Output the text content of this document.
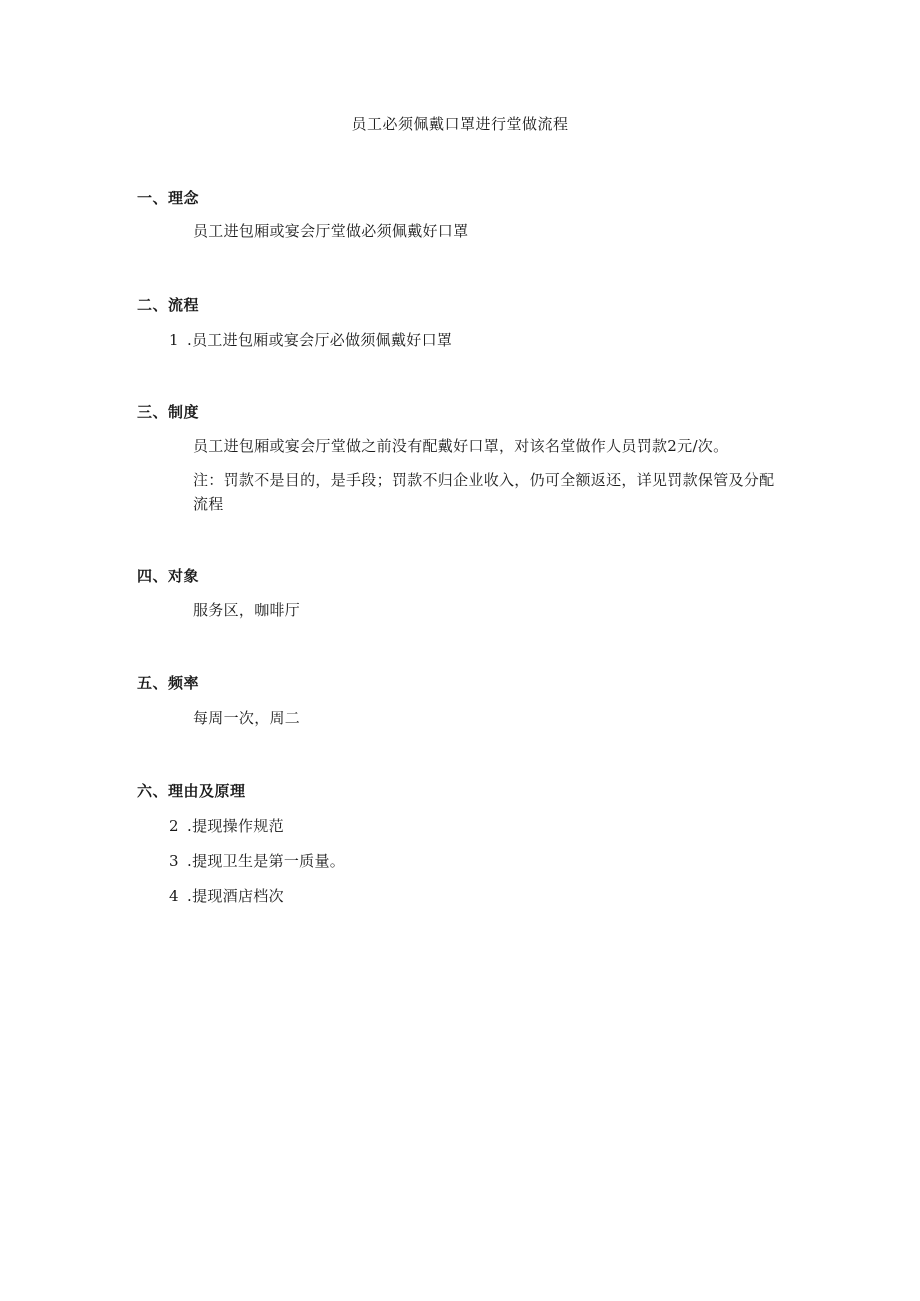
员工必须佩戴口罩进行堂做流程
一、理念
员工进包厢或宴会厅堂做必须佩戴好口罩
二、流程
1 .员工进包厢或宴会厅必做须佩戴好口罩
三、制度
员工进包厢或宴会厅堂做之前没有配戴好口罩，对该名堂做作人员罚款2元/次。
注：罚款不是目的，是手段；罚款不归企业收入，仍可全额返还，详见罚款保管及分配流程
四、对象
服务区，咖啡厅
五、频率
每周一次，周二
六、理由及原理
2 .提现操作规范
3 .提现卫生是第一质量。
4 .提现酒店档次
